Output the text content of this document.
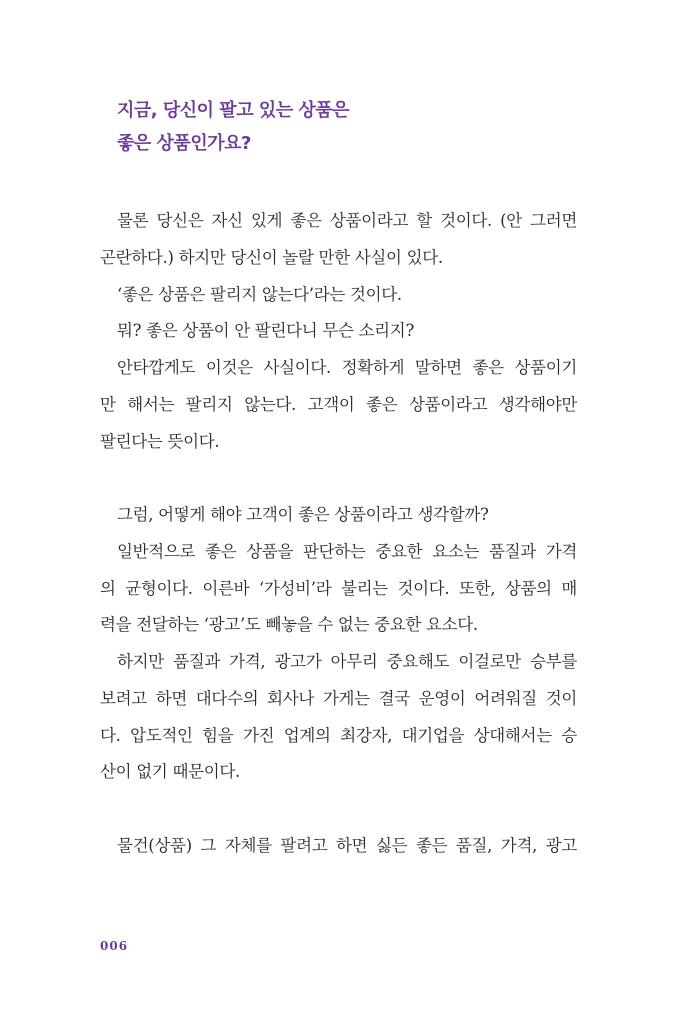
지금, 당신이 팔고 있는 상품은
좋은 상품인가요?
물론 당신은 자신 있게 좋은 상품이라고 할 것이다. (안 그러면
곤란하다.) 하지만 당신이 놀랄 만한 사실이 있다.
‘좋은 상품은 팔리지 않는다’라는 것이다.
뭐? 좋은 상품이 안 팔린다니 무슨 소리지?
안타깝게도 이것은 사실이다. 정확하게 말하면 좋은 상품이기
만 해서는 팔리지 않는다. 고객이 좋은 상품이라고 생각해야만
팔린다는 뜻이다.
그럼, 어떻게 해야 고객이 좋은 상품이라고 생각할까?
일반적으로 좋은 상품을 판단하는 중요한 요소는 품질과 가격
의 균형이다. 이른바 ‘가성비’라 불리는 것이다. 또한, 상품의 매
력을 전달하는 ‘광고’도 빼놓을 수 없는 중요한 요소다.
하지만 품질과 가격, 광고가 아무리 중요해도 이걸로만 승부를
보려고 하면 대다수의 회사나 가게는 결국 운영이 어려워질 것이
다. 압도적인 힘을 가진 업계의 최강자, 대기업을 상대해서는 승
산이 없기 때문이다.
물건(상품) 그 자체를 팔려고 하면 싫든 좋든 품질, 가격, 광고
006
